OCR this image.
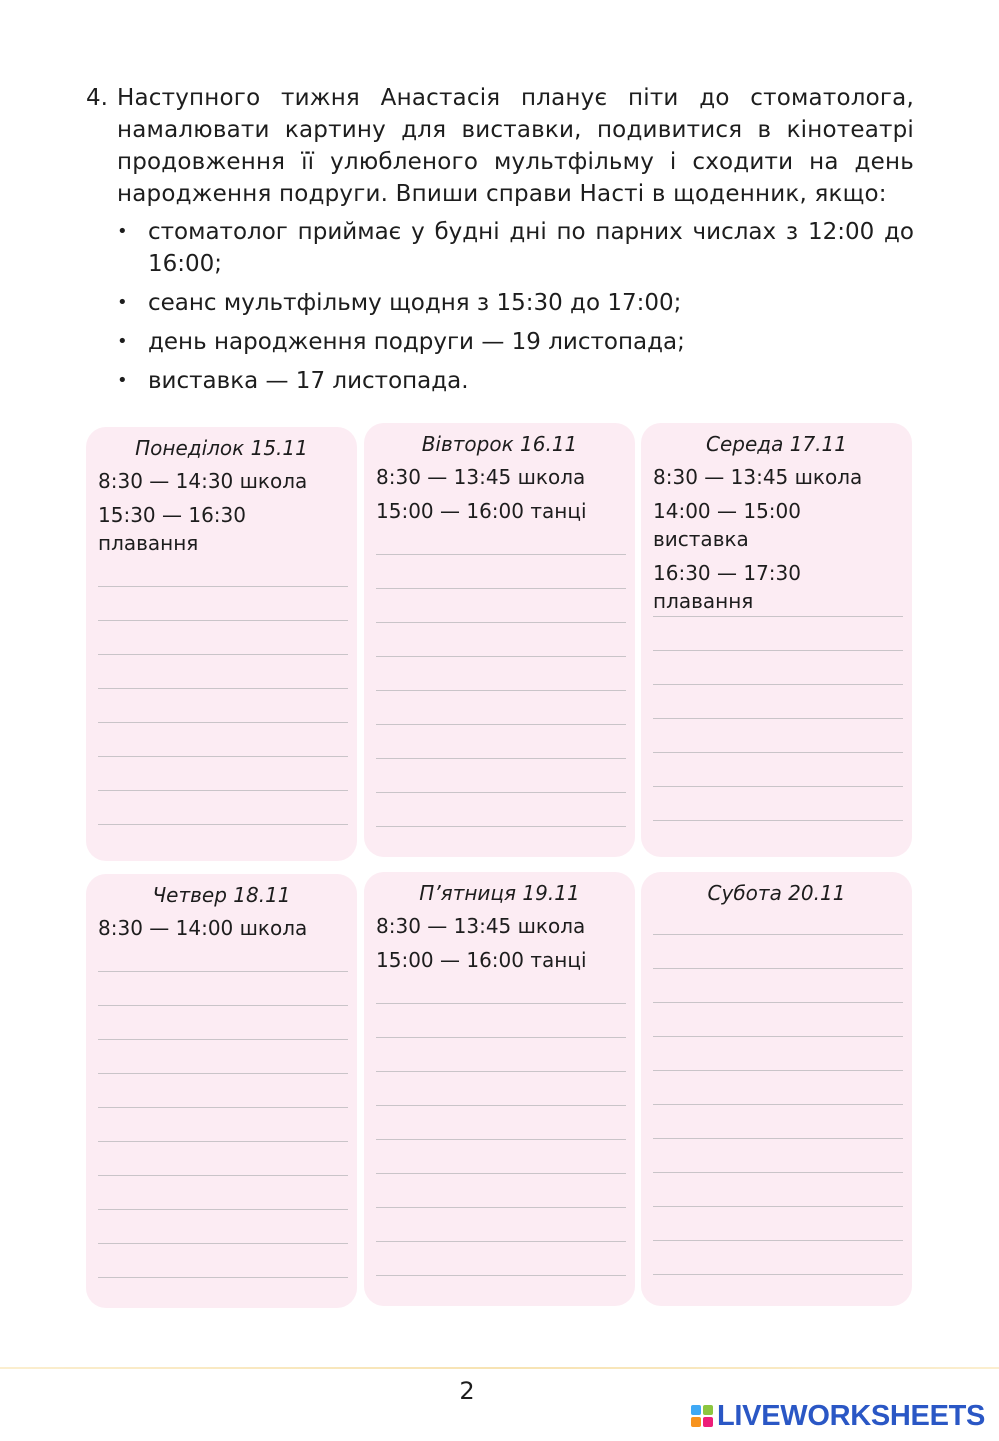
4. Наступного тижня Анастасія планує піти до стоматолога, намалювати картину для виставки, подивитися в кінотеатрі продовження її улюбленого мультфільму і сходити на день народження подруги. Впиши справи Насті в щоденник, якщо:
• стоматолог приймає у будні дні по парних числах з 12:00 до 16:00;
• сеанс мультфільму щодня з 15:30 до 17:00;
• день народження подруги — 19 листопада;
• виставка — 17 листопада.
Понеділок 15.11
8:30 — 14:30 школа
15:30 — 16:30 плавання
Вівторок 16.11
8:30 — 13:45 школа
15:00 — 16:00 танці
Середа 17.11
8:30 — 13:45 школа
14:00 — 15:00 виставка
16:30 — 17:30 плавання
Четвер 18.11
8:30 — 14:00 школа
П’ятниця 19.11
8:30 — 13:45 школа
15:00 — 16:00 танці
Субота 20.11
2
LIVEWORKSHEETS
